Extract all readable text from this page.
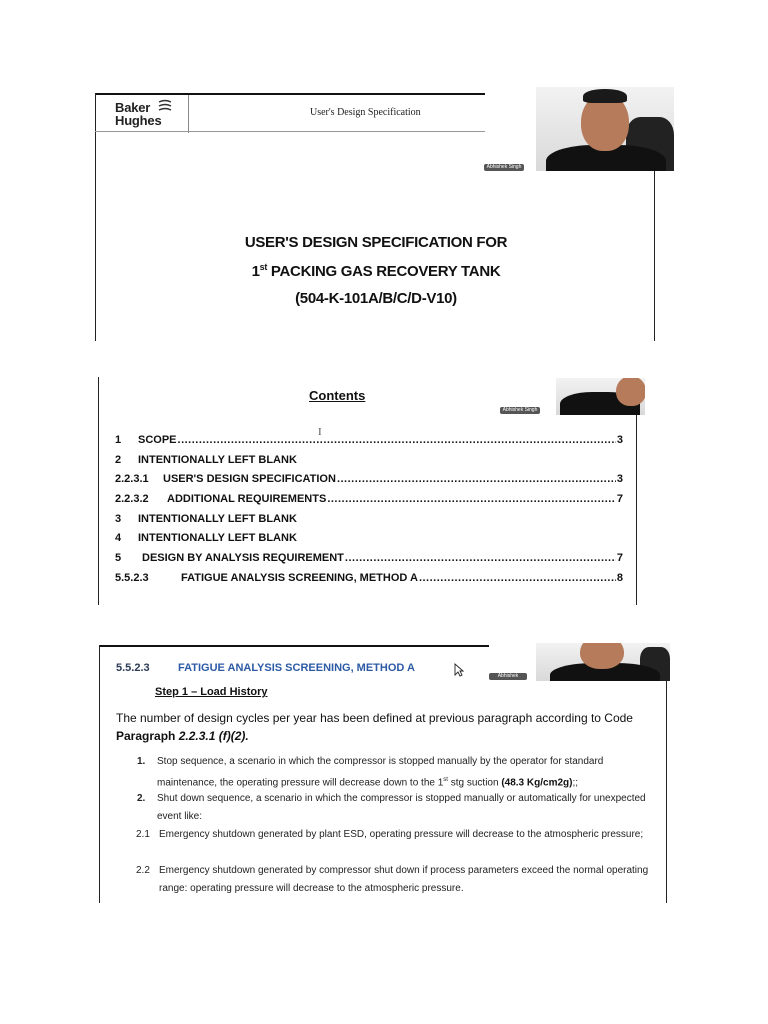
Baker
Hughes
User's Design Specification
USER'S DESIGN SPECIFICATION FOR
1st PACKING GAS RECOVERY TANK
(504-K-101A/B/C/D-V10)
Abhishek Singh
Contents
I
1	SCOPE .....	3
2	INTENTIONALLY LEFT BLANK
2.2.3.1	USER'S DESIGN SPECIFICATION .....	3
2.2.3.2	ADDITIONAL REQUIREMENTS .....	7
3	INTENTIONALLY LEFT BLANK
4	INTENTIONALLY LEFT BLANK
5	DESIGN BY ANALYSIS REQUIREMENT .....	7
5.5.2.3	FATIGUE ANALYSIS SCREENING, METHOD A .....	8
Abhishek Singh
5.5.2.3	FATIGUE ANALYSIS SCREENING, METHOD A
Step 1 – Load History
The number of design cycles per year has been defined at previous paragraph according to Code
Paragraph 2.2.3.1 (f)(2).
1. Stop sequence, a scenario in which the compressor is stopped manually by the operator for standard maintenance, the operating pressure will decrease down to the 1st stg suction (48.3 Kg/cm2g);;
2. Shut down sequence, a scenario in which the compressor is stopped manually or automatically for unexpected event like:
2.1 Emergency shutdown generated by plant ESD, operating pressure will decrease to the atmospheric pressure;
2.2 Emergency shutdown generated by compressor shut down if process parameters exceed the normal operating range: operating pressure will decrease to the atmospheric pressure.
Abhishek Singh
